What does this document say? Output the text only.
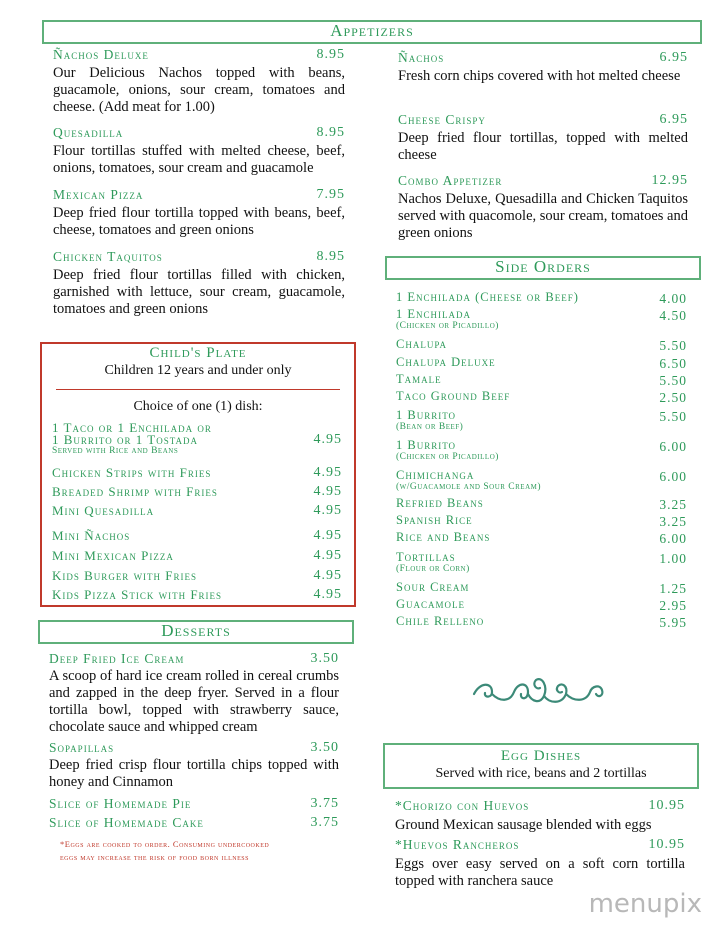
Appetizers
Ñachos Deluxe	8.95
Our Delicious Nachos topped with beans, guacamole, onions, sour cream, tomatoes and cheese. (Add meat for 1.00)
Quesadilla	8.95
Flour tortillas stuffed with melted cheese, beef, onions, tomatoes, sour cream and guacamole
Mexican Pizza	7.95
Deep fried flour tortilla topped with beans, beef, cheese, tomatoes and green onions
Chicken Taquitos	8.95
Deep fried flour tortillas filled with chicken, garnished with lettuce, sour cream, guacamole, tomatoes and green onions
Ñachos	6.95
Fresh corn chips covered with hot melted cheese
Cheese Crispy	6.95
Deep fried flour tortillas, topped with melted cheese
Combo Appetizer	12.95
Nachos Deluxe, Quesadilla and Chicken Taquitos served with quacomole, sour cream, tomatoes and green onions
Child's Plate
Children 12 years and under only
Choice of one (1) dish:
1 Taco or 1 Enchilada or
1 Burrito or 1 Tostada
Served with Rice and Beans
4.95
Chicken Strips with Fries	4.95
Breaded Shrimp with Fries	4.95
Mini Quesadilla	4.95
Mini Ñachos	4.95
Mini Mexican Pizza	4.95
Kids Burger with Fries	4.95
Kids Pizza Stick with Fries	4.95
Desserts
Deep Fried Ice Cream	3.50
A scoop of hard ice cream rolled in cereal crumbs and zapped in the deep fryer. Served in a flour tortilla bowl, topped with strawberry sauce, chocolate sauce and whipped cream
Sopapillas	3.50
Deep fried crisp flour tortilla chips topped with honey and Cinnamon
Slice of Homemade Pie	3.75
Slice of Homemade Cake	3.75
*Eggs are cooked to order. Consuming undercooked
eggs may increase the risk of food born illness
Side Orders
1 Enchilada (Cheese or Beef)	4.00
1 Enchilada
(Chicken or Picadillo)
4.50
Chalupa	5.50
Chalupa Deluxe	6.50
Tamale	5.50
Taco Ground Beef	2.50
1 Burrito
(Bean or Beef)
5.50
1 Burrito
(Chicken or Picadillo)
6.00
Chimichanga
(w/Guacamole and Sour Cream)
6.00
Refried Beans	3.25
Spanish Rice	3.25
Rice and Beans	6.00
Tortillas
(Flour or Corn)
1.00
Sour Cream	1.25
Guacamole	2.95
Chile Relleno	5.95
Egg Dishes
Served with rice, beans and 2 tortillas
*Chorizo con Huevos	10.95
Ground Mexican sausage blended with eggs
*Huevos Rancheros	10.95
Eggs over easy served on a soft corn tortilla topped with ranchera sauce
menupix
